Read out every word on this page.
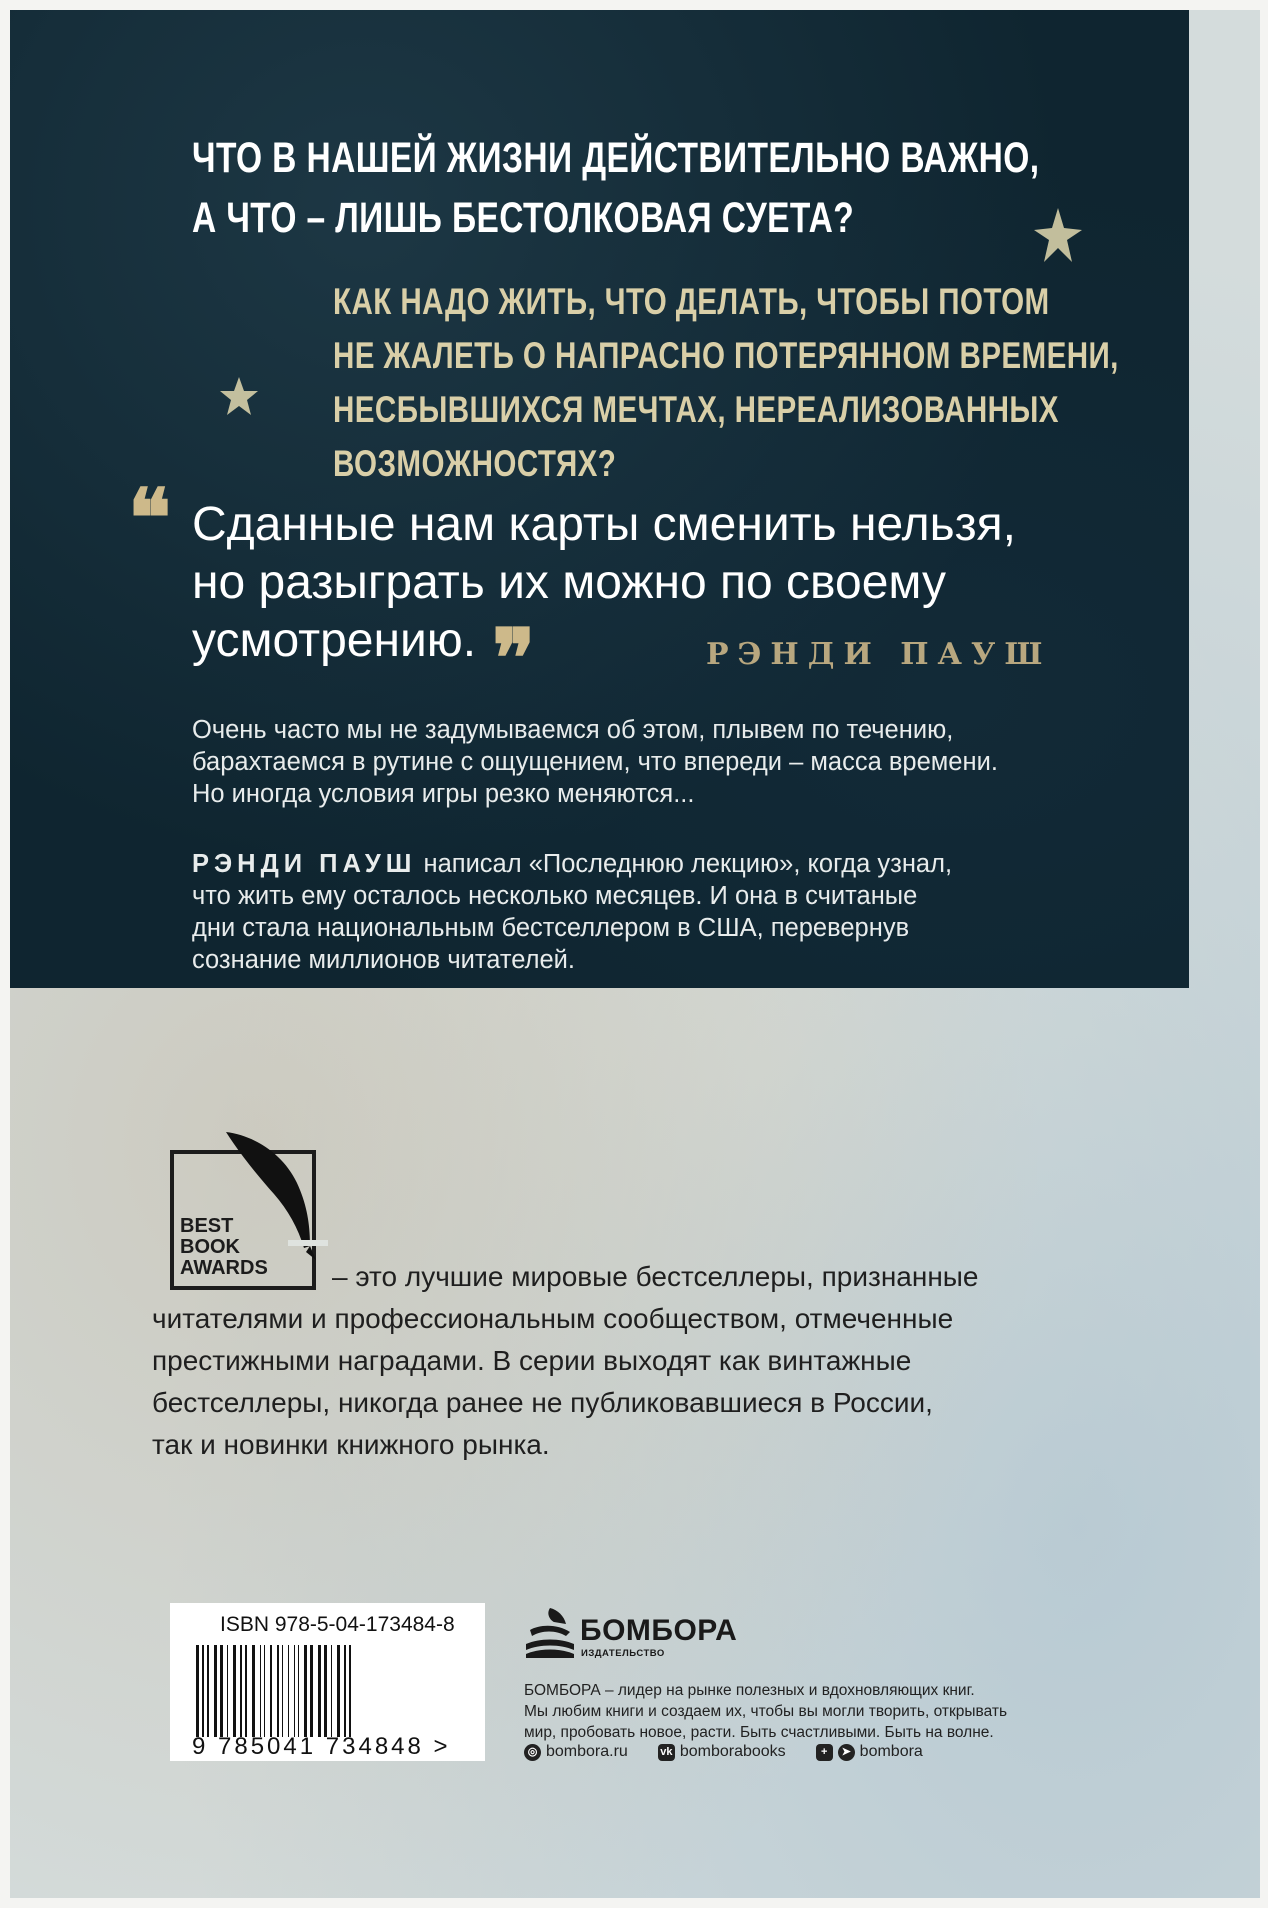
ЧТО В НАШЕЙ ЖИЗНИ ДЕЙСТВИТЕЛЬНО ВАЖНО,
А ЧТО – ЛИШЬ БЕСТОЛКОВАЯ СУЕТА?
КАК НАДО ЖИТЬ, ЧТО ДЕЛАТЬ, ЧТОБЫ ПОТОМ
НЕ ЖАЛЕТЬ О НАПРАСНО ПОТЕРЯННОМ ВРЕМЕНИ,
НЕСБЫВШИХСЯ МЕЧТАХ, НЕРЕАЛИЗОВАННЫХ
ВОЗМОЖНОСТЯХ?
❝ Сданные нам карты сменить нельзя,
но разыграть их можно по своему
усмотрению. ❞	РЭНДИ ПАУШ
Очень часто мы не задумываемся об этом, плывем по течению,
барахтаемся в рутине с ощущением, что впереди – масса времени.
Но иногда условия игры резко меняются...
РЭНДИ ПАУШ написал «Последнюю лекцию», когда узнал,
что жить ему осталось несколько месяцев. И она в считаные
дни стала национальным бестселлером в США, перевернув
сознание миллионов читателей.
BEST
BOOK
AWARDS	– это лучшие мировые бестселлеры, признанные
читателями и профессиональным сообществом, отмеченные
престижными наградами. В серии выходят как винтажные
бестселлеры, никогда ранее не публиковавшиеся в России,
так и новинки книжного рынка.
ISBN 978-5-04-173484-8
9 785041 734848 >
БОМБОРА
ИЗДАТЕЛЬСТВО
БОМБОРА – лидер на рынке полезных и вдохновляющих книг.
Мы любим книги и создаем их, чтобы вы могли творить, открывать
мир, пробовать новое, расти. Быть счастливыми. Быть на волне.
◎ bombora.ru	vk bomborabooks	+	➤ bombora
